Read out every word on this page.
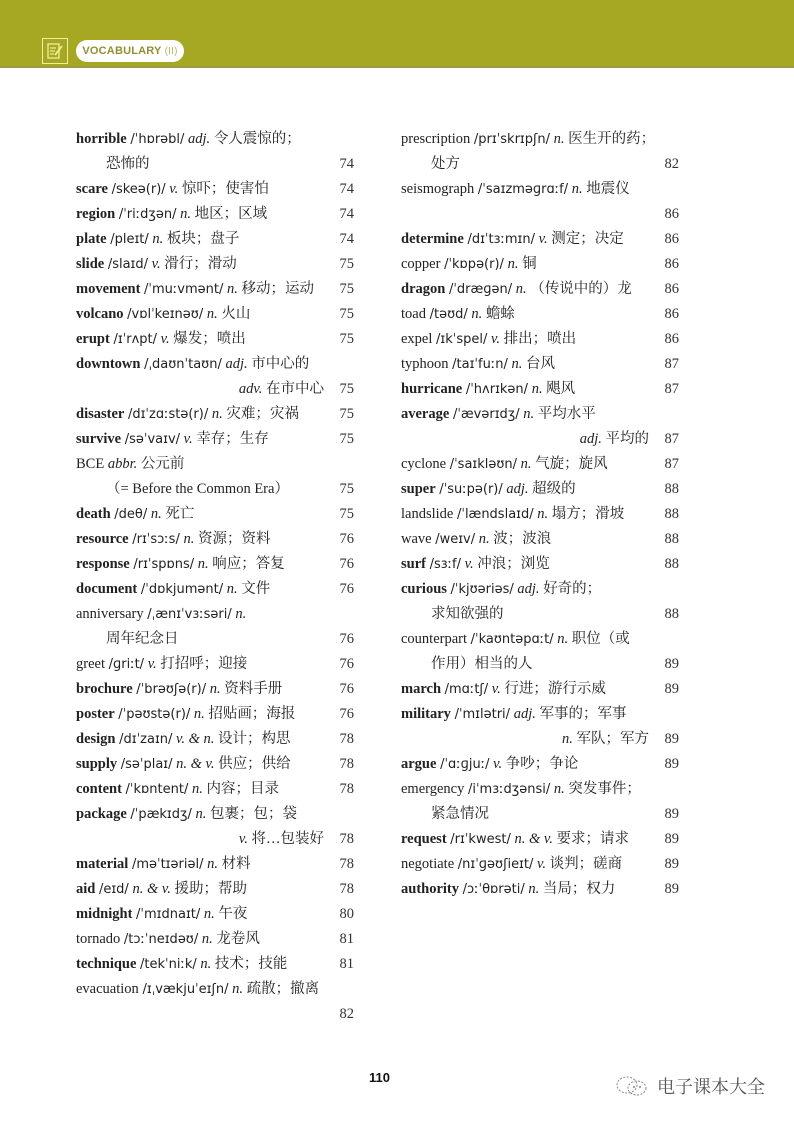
VOCABULARY (II)
horrible /ˈhɒrəbl/ adj. 令人震惊的；
恐怖的	74
scare /skeə(r)/ v. 惊吓；使害怕	74
region /ˈriːdʒən/ n. 地区；区域	74
plate /pleɪt/ n. 板块；盘子	74
slide /slaɪd/ v. 滑行；滑动	75
movement /ˈmuːvmənt/ n. 移动；运动 75
volcano /vɒlˈkeɪnəʊ/ n. 火山	75
erupt /ɪˈrʌpt/ v. 爆发；喷出	75
downtown /ˌdaʊnˈtaʊn/ adj. 市中心的
adv. 在市中心 75
disaster /dɪˈzɑːstə(r)/ n. 灾难；灾祸	75
survive /səˈvaɪv/ v. 幸存；生存	75
BCE abbr. 公元前
（= Before the Common Era）	75
death /deθ/ n. 死亡	75
resource /rɪˈsɔːs/ n. 资源；资料	76
response /rɪˈspɒns/ n. 响应；答复	76
document /ˈdɒkjumənt/ n. 文件	76
anniversary /ˌænɪˈvɜːsəri/ n.
周年纪念日	76
greet /ɡriːt/ v. 打招呼；迎接	76
brochure /ˈbrəʊʃə(r)/ n. 资料手册	76
poster /ˈpəʊstə(r)/ n. 招贴画；海报	76
design /dɪˈzaɪn/ v. & n. 设计；构思	78
supply /səˈplaɪ/ n. & v. 供应；供给	78
content /ˈkɒntent/ n. 内容；目录	78
package /ˈpækɪdʒ/ n. 包裹；包；袋
v. 将…包装好 78
material /məˈtɪəriəl/ n. 材料	78
aid /eɪd/ n. & v. 援助；帮助	78
midnight /ˈmɪdnaɪt/ n. 午夜	80
tornado /tɔːˈneɪdəʊ/ n. 龙卷风	81
technique /tekˈniːk/ n. 技术；技能	81
evacuation /ɪˌvækjuˈeɪʃn/ n. 疏散；撤离
82
prescription /prɪˈskrɪpʃn/ n. 医生开的药；
处方	82
seismograph /ˈsaɪzməɡrɑːf/ n. 地震仪
86
determine /dɪˈtɜːmɪn/ v. 测定；决定	86
copper /ˈkɒpə(r)/ n. 铜	86
dragon /ˈdræɡən/ n. （传说中的）龙 86
toad /təʊd/ n. 蟾蜍	86
expel /ɪkˈspel/ v. 排出；喷出	86
typhoon /taɪˈfuːn/ n. 台风	87
hurricane /ˈhʌrɪkən/ n. 飓风	87
average /ˈævərɪdʒ/ n. 平均水平
adj. 平均的 87
cyclone /ˈsaɪkləʊn/ n. 气旋；旋风	87
super /ˈsuːpə(r)/ adj. 超级的	88
landslide /ˈlændslaɪd/ n. 塌方；滑坡	88
wave /weɪv/ n. 波；波浪	88
surf /sɜːf/ v. 冲浪；浏览	88
curious /ˈkjʊəriəs/ adj. 好奇的；
求知欲强的	88
counterpart /ˈkaʊntəpɑːt/ n. 职位（或
作用）相当的人	89
march /mɑːtʃ/ v. 行进；游行示威	89
military /ˈmɪlətri/ adj. 军事的；军事
n. 军队；军方 89
argue /ˈɑːɡjuː/ v. 争吵；争论	89
emergency /iˈmɜːdʒənsi/ n. 突发事件；
紧急情况	89
request /rɪˈkwest/ n. & v. 要求；请求 89
negotiate /nɪˈɡəʊʃieɪt/ v. 谈判；磋商	89
authority /ɔːˈθɒrəti/ n. 当局；权力	89
110	电子课本大全
